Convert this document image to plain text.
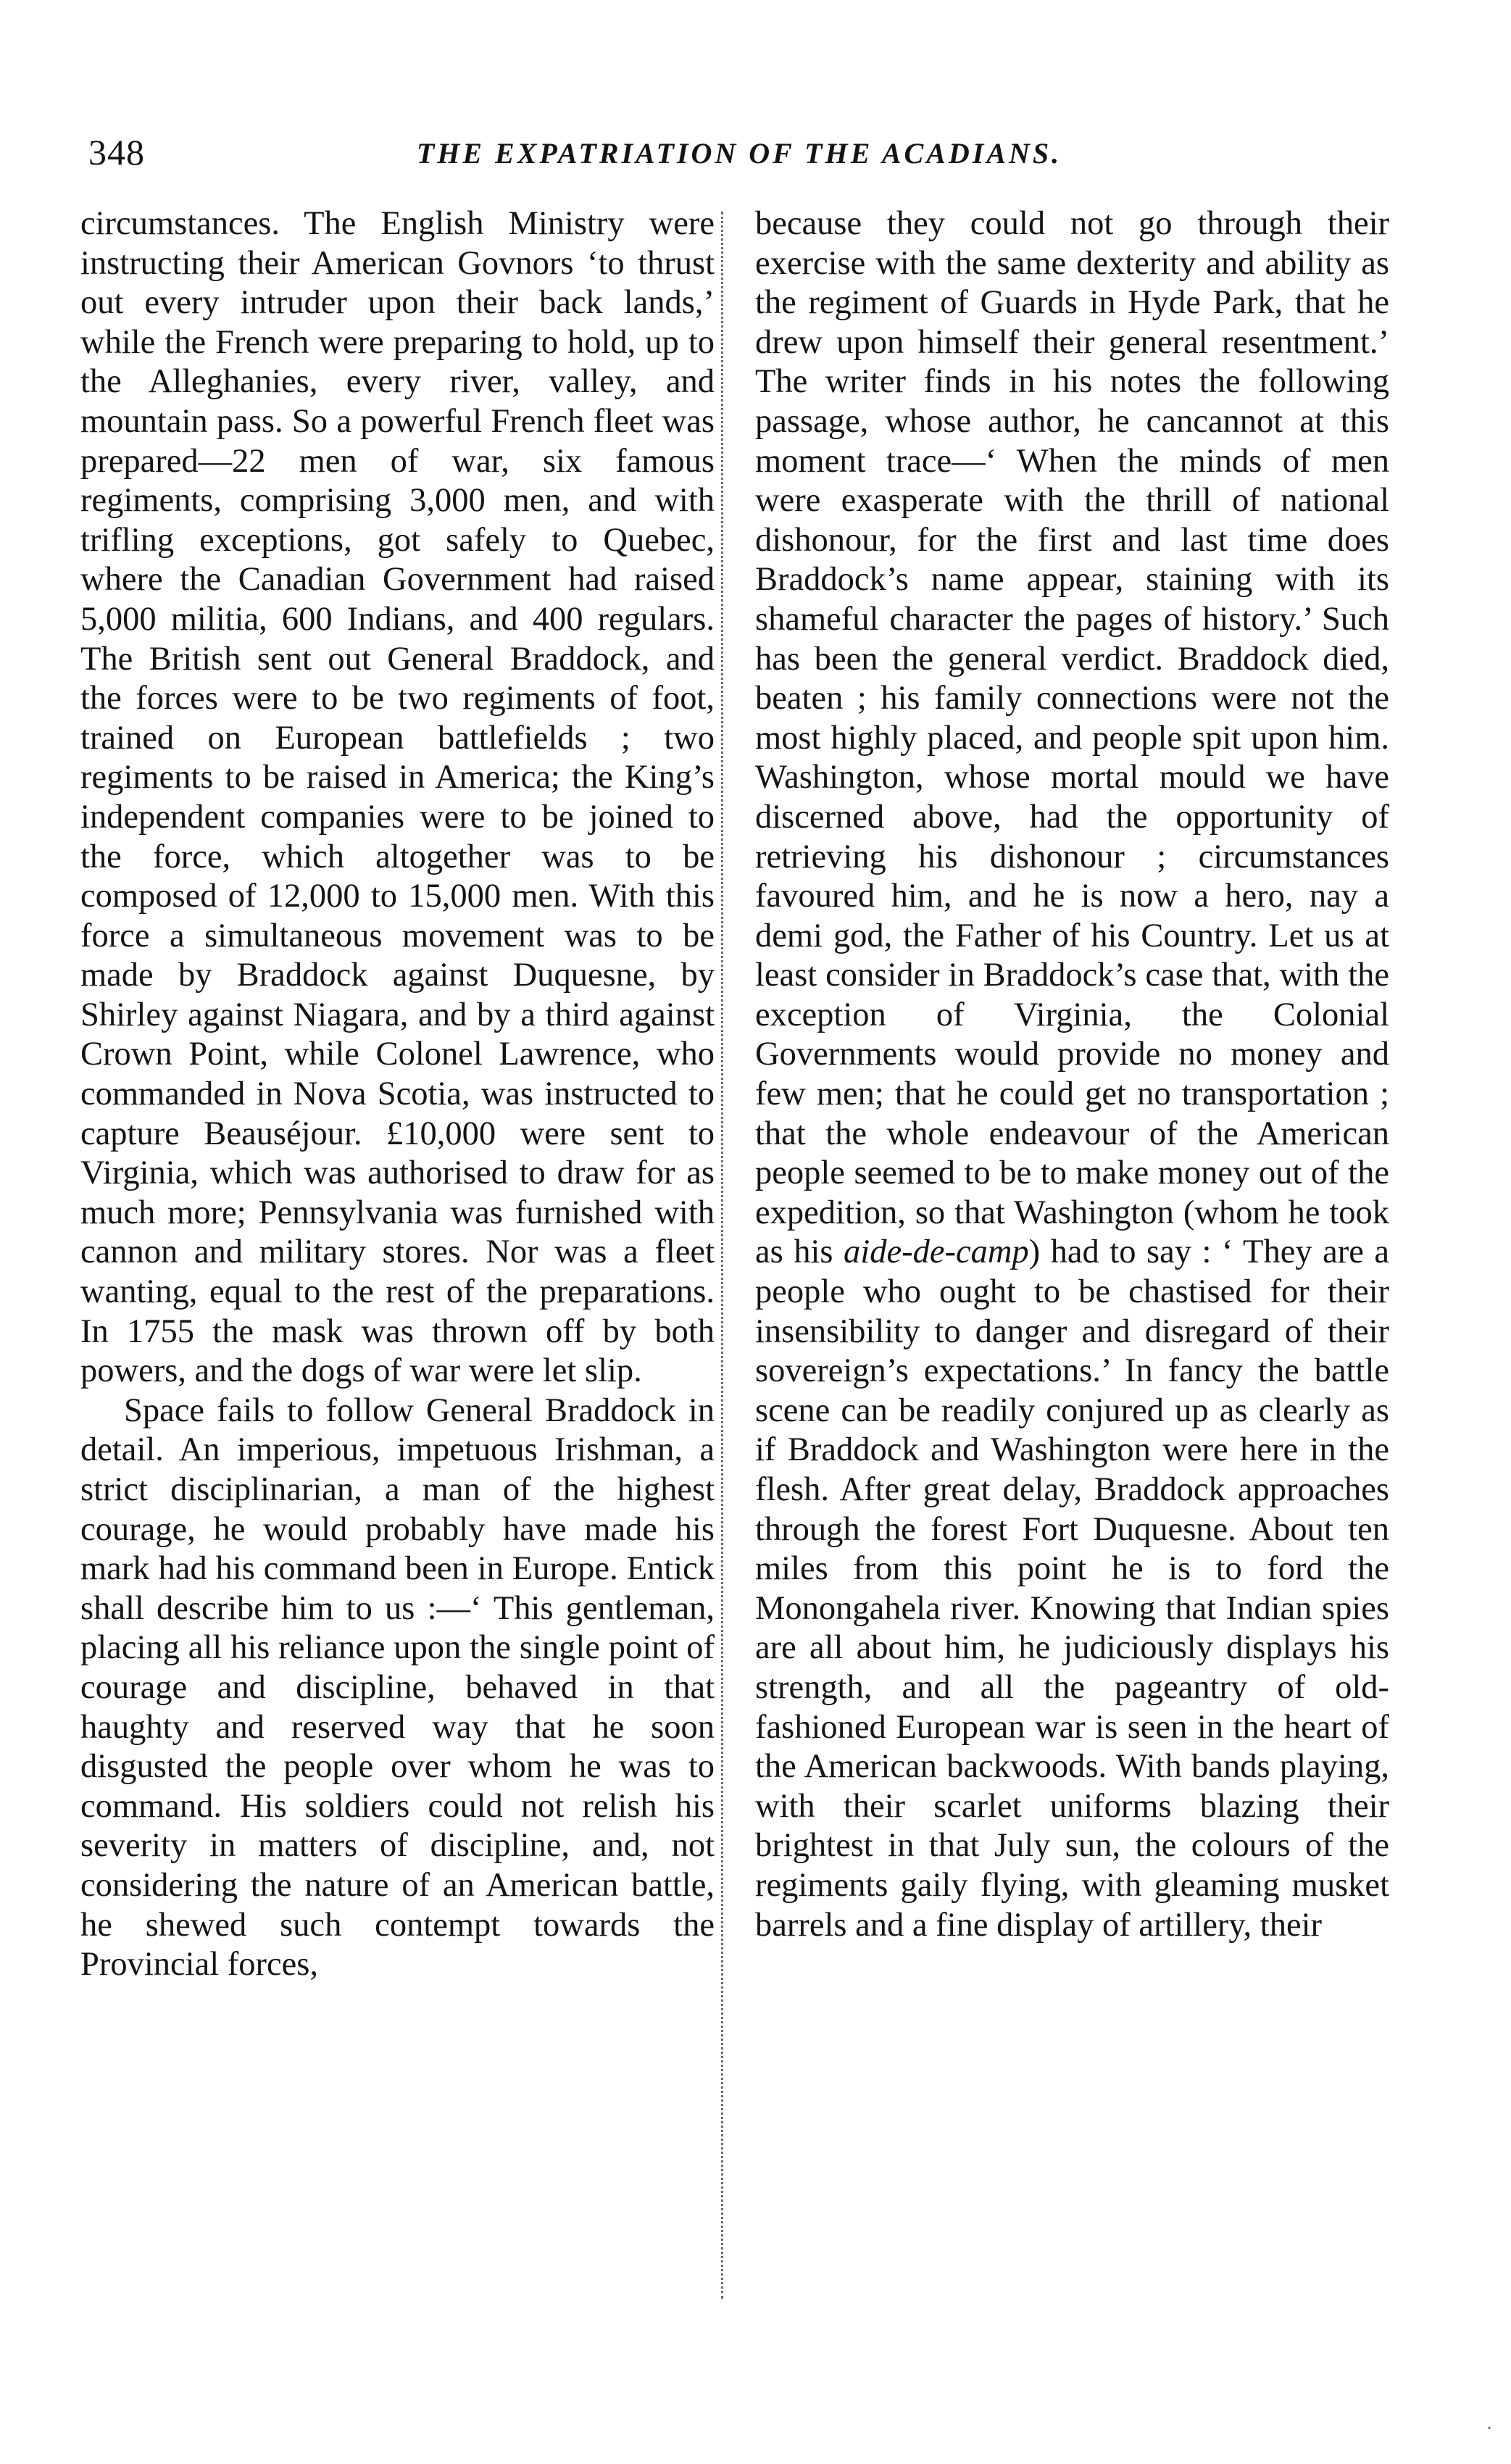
348	THE EXPATRIATION OF THE ACADIANS.

circumstances. The English Ministry were instructing their American Govnors ‘to thrust out every intruder upon their back lands,’ while the French were preparing to hold, up to the Alleghanies, every river, valley, and mountain pass. So a powerful French fleet was prepared—22 men of war, six famous regiments, comprising 3,000 men, and with trifling exceptions, got safely to Quebec, where the Canadian Government had raised 5,000 militia, 600 Indians, and 400 regulars. The British sent out General Braddock, and the forces were to be two regiments of foot, trained on European battlefields ; two regiments to be raised in America; the King’s independent companies were to be joined to the force, which altogether was to be composed of 12,000 to 15,000 men. With this force a simultaneous movement was to be made by Braddock against Duquesne, by Shirley against Niagara, and by a third against Crown Point, while Colonel Lawrence, who commanded in Nova Scotia, was instructed to capture Beauséjour. £10,000 were sent to Virginia, which was authorised to draw for as much more; Pennsylvania was furnished with cannon and military stores. Nor was a fleet wanting, equal to the rest of the preparations. In 1755 the mask was thrown off by both powers, and the dogs of war were let slip.

Space fails to follow General Braddock in detail. An imperious, impetuous Irishman, a strict disciplinarian, a man of the highest courage, he would probably have made his mark had his command been in Europe. Entick shall describe him to us :—‘ This gentleman, placing all his reliance upon the single point of courage and discipline, behaved in that haughty and reserved way that he soon disgusted the people over whom he was to command. His soldiers could not relish his severity in matters of discipline, and, not considering the nature of an American battle, he shewed such contempt towards the Provincial forces,

because they could not go through their exercise with the same dexterity and ability as the regiment of Guards in Hyde Park, that he drew upon himself their general resentment.’ The writer finds in his notes the following passage, whose author, he cancannot at this moment trace—‘ When the minds of men were exasperate with the thrill of national dishonour, for the first and last time does Braddock’s name appear, staining with its shameful character the pages of history.’ Such has been the general verdict. Braddock died, beaten ; his family connections were not the most highly placed, and people spit upon him. Washington, whose mortal mould we have discerned above, had the opportunity of retrieving his dishonour ; circumstances favoured him, and he is now a hero, nay a demi god, the Father of his Country. Let us at least consider in Braddock’s case that, with the exception of Virginia, the Colonial Governments would provide no money and few men; that he could get no transportation ; that the whole endeavour of the American people seemed to be to make money out of the expedition, so that Washington (whom he took as his aide-de-camp) had to say : ‘ They are a people who ought to be chastised for their insensibility to danger and disregard of their sovereign’s expectations.’ In fancy the battle scene can be readily conjured up as clearly as if Braddock and Washington were here in the flesh. After great delay, Braddock approaches through the forest Fort Duquesne. About ten miles from this point he is to ford the Monongahela river. Knowing that Indian spies are all about him, he judiciously displays his strength, and all the pageantry of old-fashioned European war is seen in the heart of the American backwoods. With bands playing, with their scarlet uniforms blazing their brightest in that July sun, the colours of the regiments gaily flying, with gleaming musket barrels and a fine display of artillery, their

·
